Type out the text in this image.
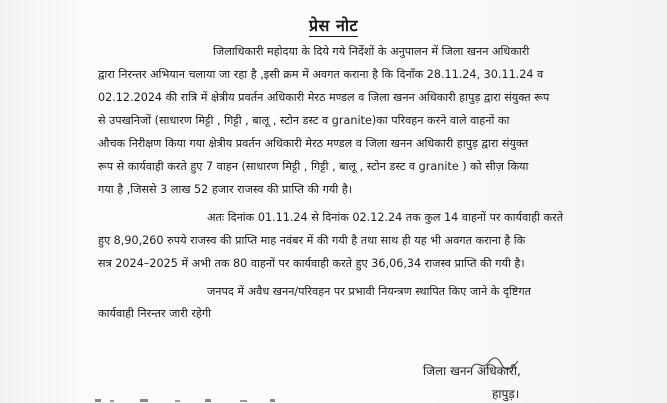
प्रेस नोट
जिलाधिकारी महोदया के दिये गये निर्देशों के अनुपालन में जिला खनन अधिकारी
द्वारा निरन्तर अभियान चलाया जा रहा है ,इसी क्रम में अवगत कराना है कि दिनाँक 28.11.24, 30.11.24 व
02.12.2024 की रात्रि में क्षेत्रीय प्रवर्तन अधिकारी मेरठ मण्डल व जिला खनन अधिकारी हापुड़ द्वारा संयुक्त रूप
से उपखनिजों (साधारण मिट्टी , गिट्टी , बालू , स्टोन डस्ट व granite)का परिवहन करने वाले वाहनों का
औचक निरीक्षण किया गया क्षेत्रीय प्रवर्तन अधिकारी मेरठ मण्डल व जिला खनन अधिकारी हापुड़ द्वारा संयुक्त
रूप से कार्यवाही करते हुए 7 वाहन (साधारण मिट्टी , गिट्टी , बालू , स्टोन डस्ट व granite ) को सीज़ किया
गया है ,जिससे 3 लाख 52 हजार राजस्व की प्राप्ति की गयी है।
अतः दिनांक 01.11.24 से दिनांक 02.12.24 तक कुल 14 वाहनों पर कार्यवाही करते
हुए 8,90,260 रुपये राजस्व की प्राप्ति माह नवंबर में की गयी है तथा साथ ही यह भी अवगत कराना है कि
सत्र 2024–2025 में अभी तक 80 वाहनों पर कार्यवाही करते हुए 36,06,34 राजस्व प्राप्ति की गयी है।
जनपद में अवैध खनन/परिवहन पर प्रभावी नियन्त्रण स्थापित किए जाने के दृष्टिगत
कार्यवाही निरन्तर जारी रहेगी
जिला खनन अधिकारी,
हापुड़।
